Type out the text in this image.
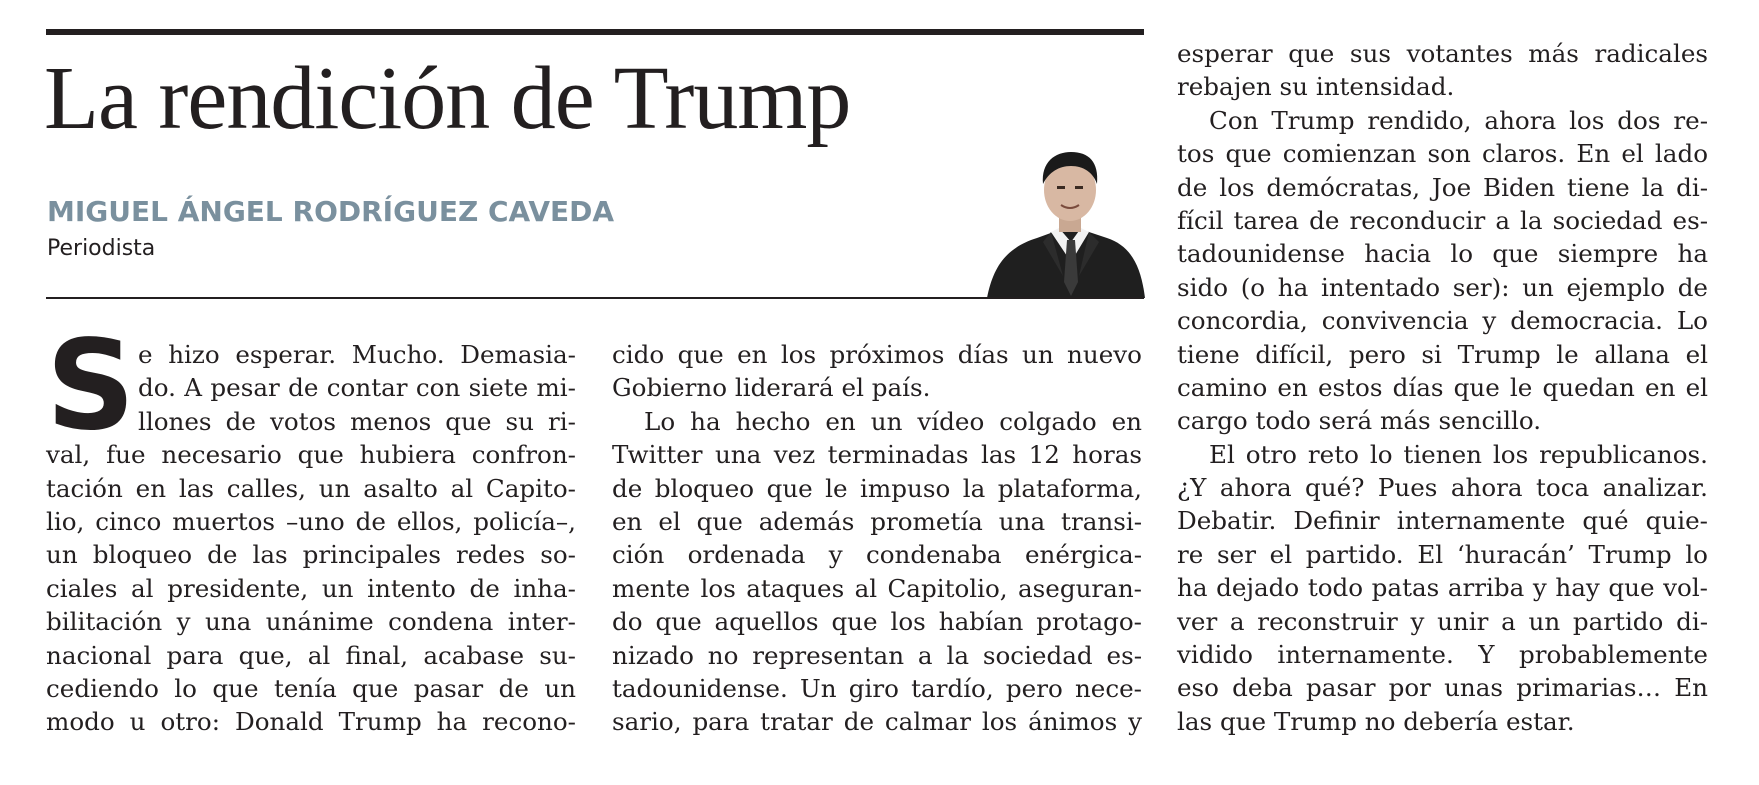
La rendición de Trump
MIGUEL ÁNGEL RODRÍGUEZ CAVEDA
Periodista
S e hizo esperar. Mucho. Demasia-
do. A pesar de contar con siete mi-
llones de votos menos que su ri-
val, fue necesario que hubiera confron-
tación en las calles, un asalto al Capito-
lio, cinco muertos –uno de ellos, policía–,
un bloqueo de las principales redes so-
ciales al presidente, un intento de inha-
bilitación y una unánime condena inter-
nacional para que, al final, acabase su-
cediendo lo que tenía que pasar de un
modo u otro: Donald Trump ha recono-
cido que en los próximos días un nuevo
Gobierno liderará el país.
Lo ha hecho en un vídeo colgado en
Twitter una vez terminadas las 12 horas
de bloqueo que le impuso la plataforma,
en el que además prometía una transi-
ción ordenada y condenaba enérgica-
mente los ataques al Capitolio, aseguran-
do que aquellos que los habían protago-
nizado no representan a la sociedad es-
tadounidense. Un giro tardío, pero nece-
sario, para tratar de calmar los ánimos y
esperar que sus votantes más radicales
rebajen su intensidad.
Con Trump rendido, ahora los dos re-
tos que comienzan son claros. En el lado
de los demócratas, Joe Biden tiene la di-
fícil tarea de reconducir a la sociedad es-
tadounidense hacia lo que siempre ha
sido (o ha intentado ser): un ejemplo de
concordia, convivencia y democracia. Lo
tiene difícil, pero si Trump le allana el
camino en estos días que le quedan en el
cargo todo será más sencillo.
El otro reto lo tienen los republicanos.
¿Y ahora qué? Pues ahora toca analizar.
Debatir. Definir internamente qué quie-
re ser el partido. El ‘huracán’ Trump lo
ha dejado todo patas arriba y hay que vol-
ver a reconstruir y unir a un partido di-
vidido internamente. Y probablemente
eso deba pasar por unas primarias… En
las que Trump no debería estar.
